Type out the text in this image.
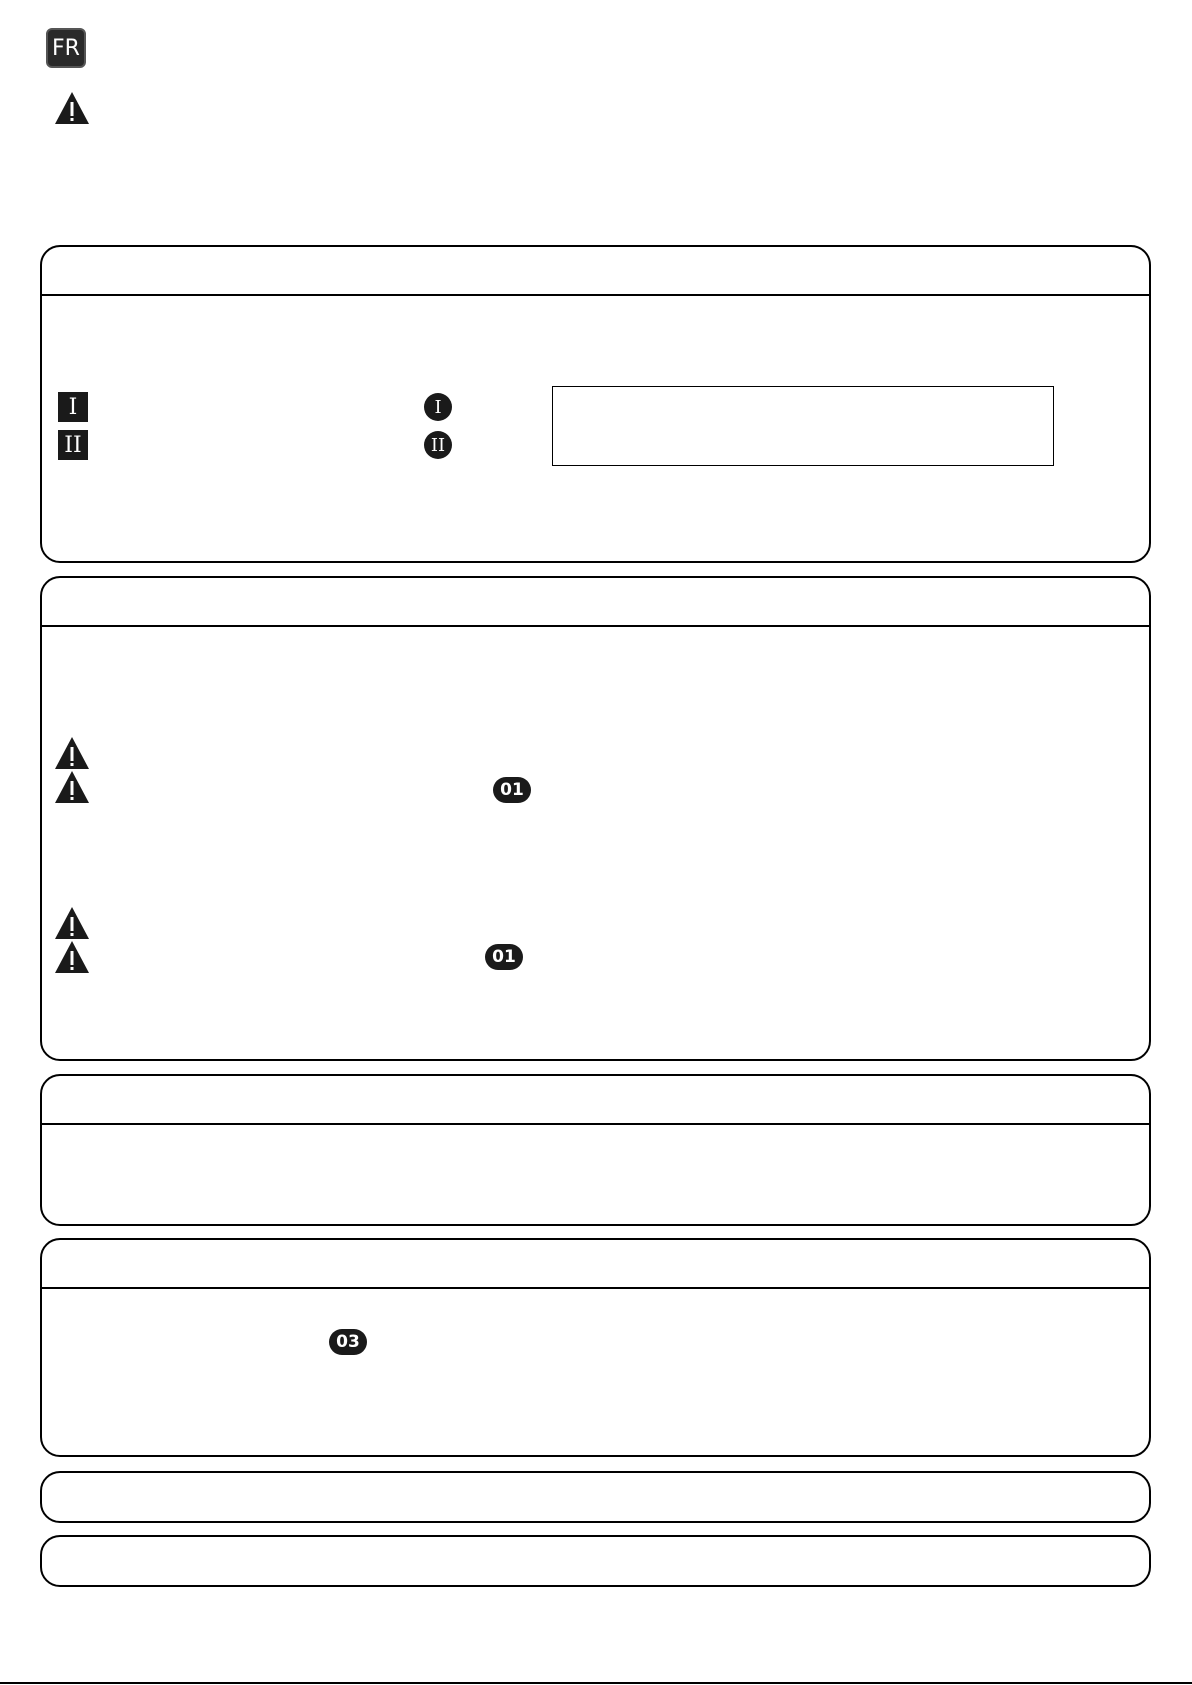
FR
I
II
I
II
01
01
03
